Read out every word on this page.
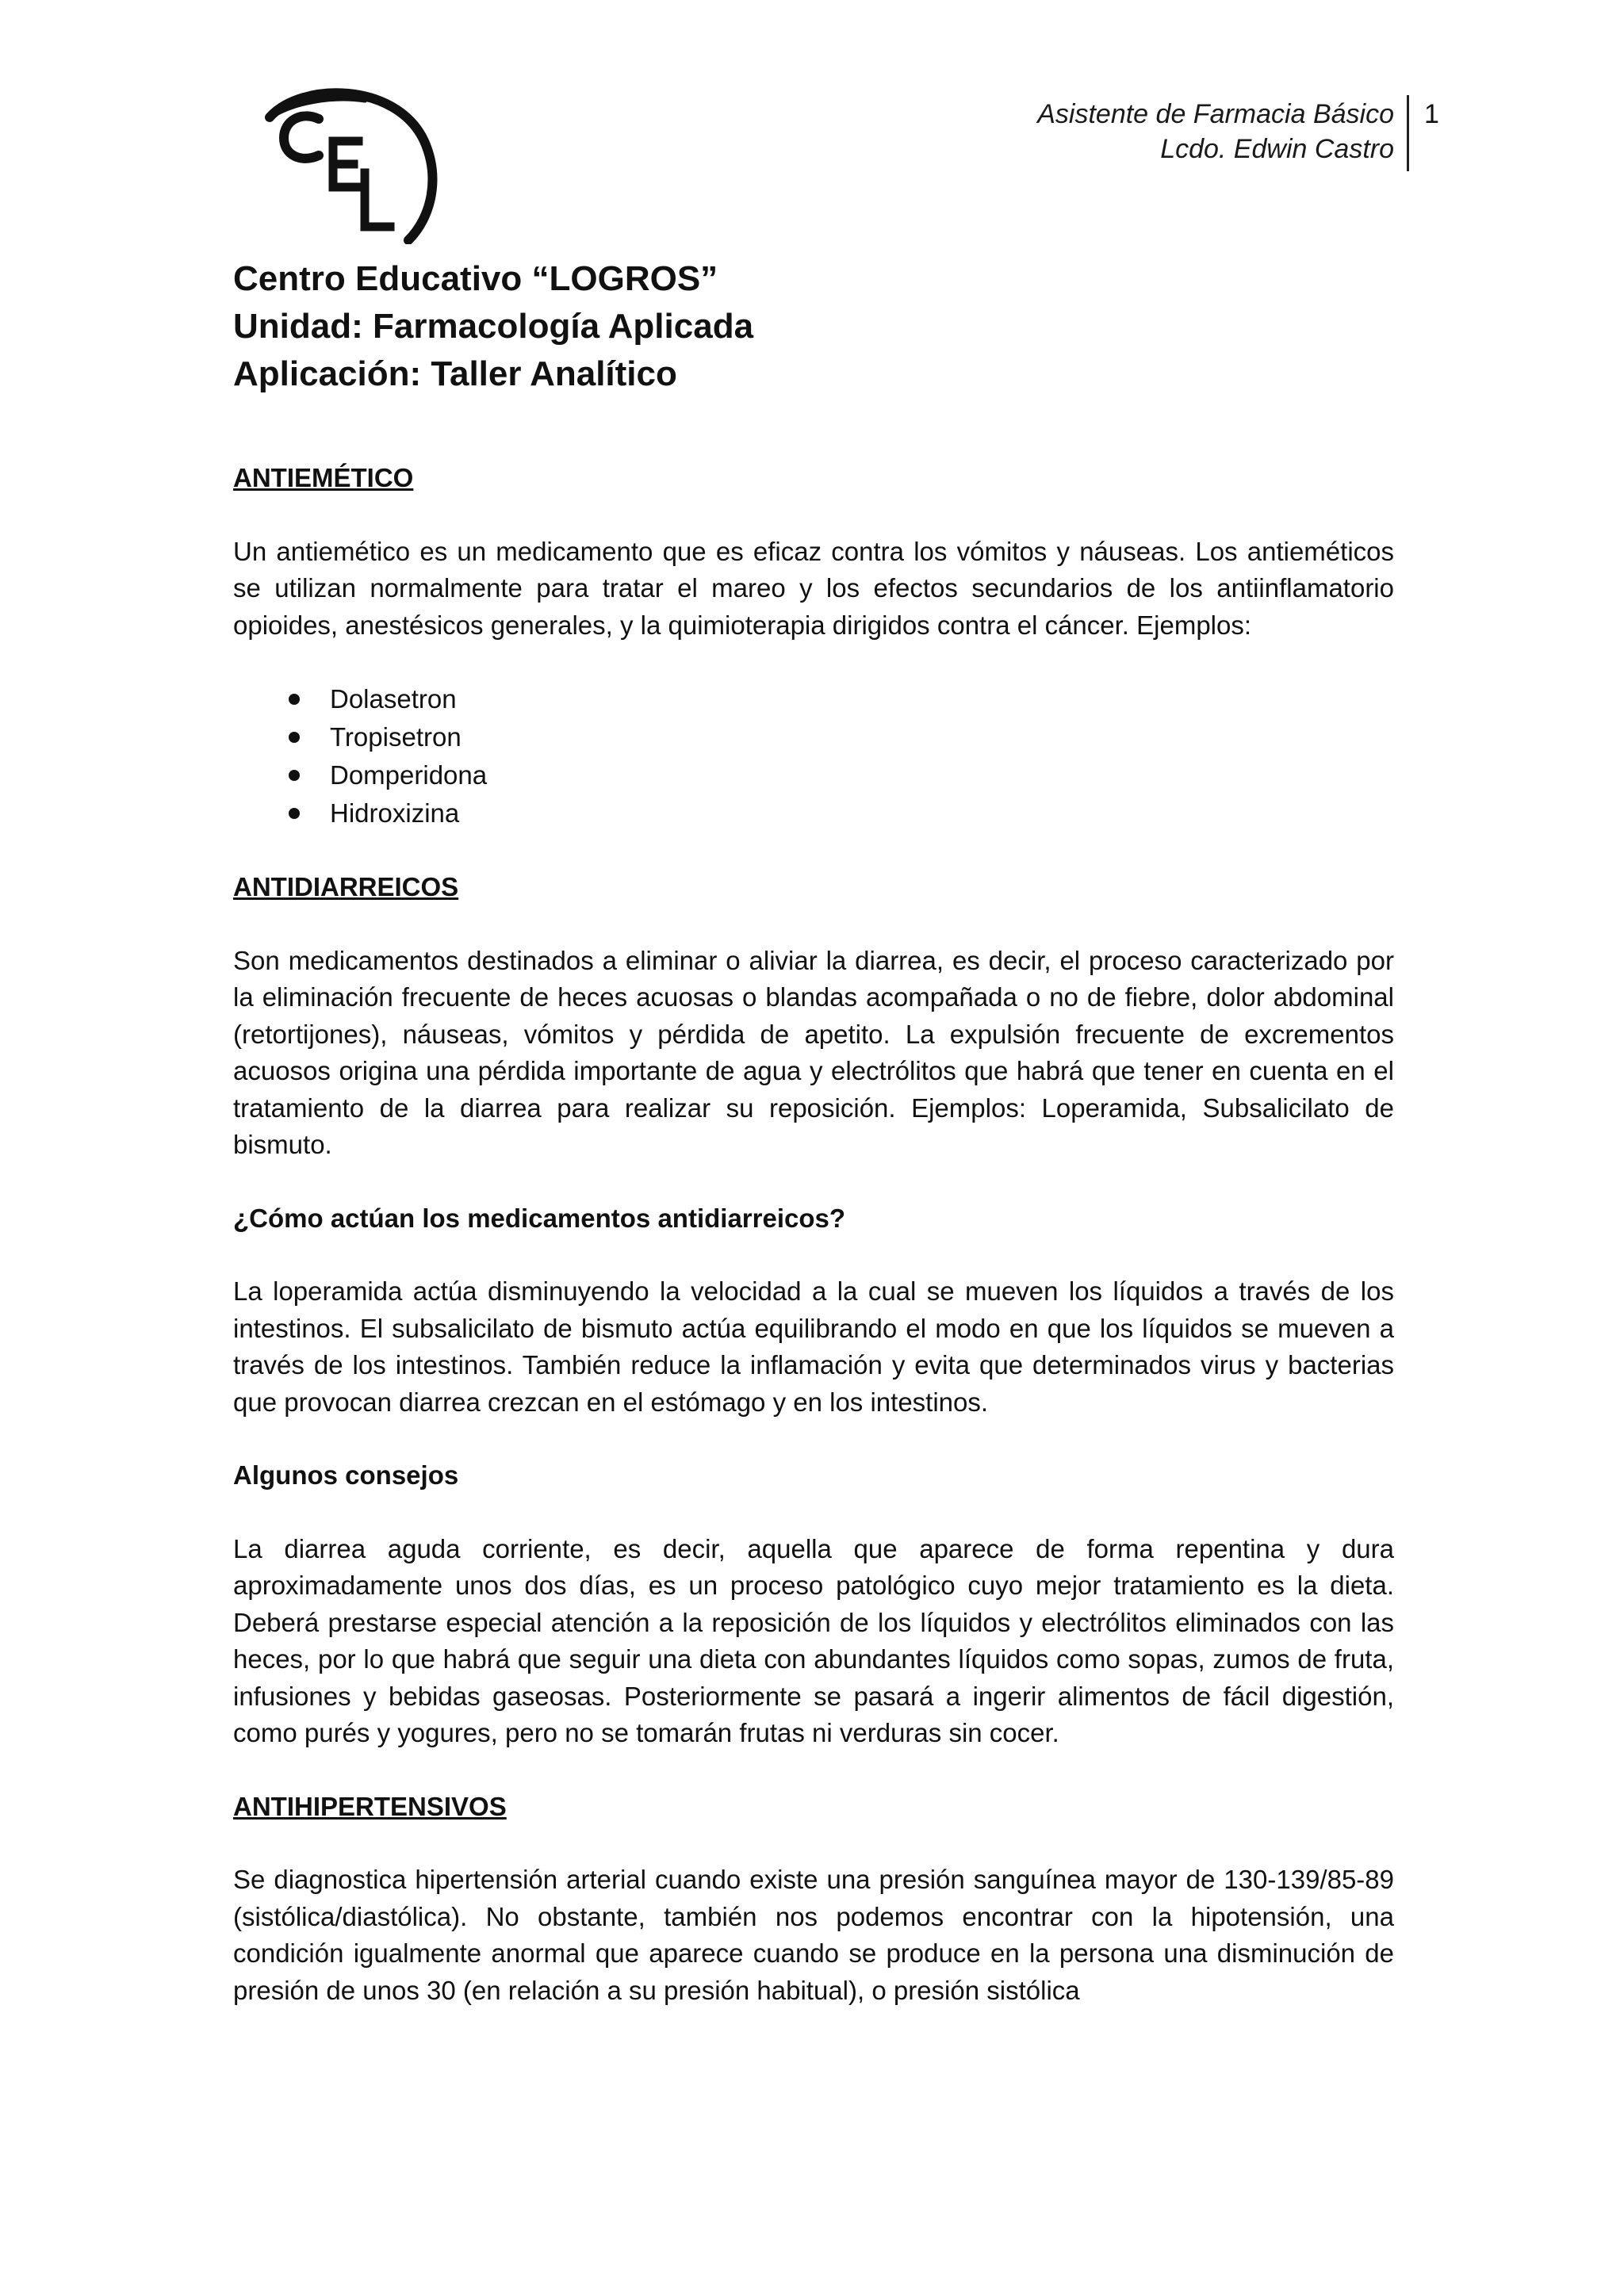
CEL
Asistente de Farmacia Básico
Lcdo. Edwin Castro
1
Centro Educativo “LOGROS”
Unidad: Farmacología Aplicada
Aplicación: Taller Analítico
ANTIEMÉTICO

Un antiemético es un medicamento que es eficaz contra los vómitos y náuseas. Los antieméticos se utilizan normalmente para tratar el mareo y los efectos secundarios de los antiinflamatorio opioides, anestésicos generales, y la quimioterapia dirigidos contra el cáncer. Ejemplos:

Dolasetron
Tropisetron
Domperidona
Hidroxizina
ANTIDIARREICOS

Son medicamentos destinados a eliminar o aliviar la diarrea, es decir, el proceso caracterizado por la eliminación frecuente de heces acuosas o blandas acompañada o no de fiebre, dolor abdominal (retortijones), náuseas, vómitos y pérdida de apetito. La expulsión frecuente de excrementos acuosos origina una pérdida importante de agua y electrólitos que habrá que tener en cuenta en el tratamiento de la diarrea para realizar su reposición. Ejemplos: Loperamida, Subsalicilato de bismuto.

¿Cómo actúan los medicamentos antidiarreicos?

La loperamida actúa disminuyendo la velocidad a la cual se mueven los líquidos a través de los intestinos. El subsalicilato de bismuto actúa equilibrando el modo en que los líquidos se mueven a través de los intestinos. También reduce la inflamación y evita que determinados virus y bacterias que provocan diarrea crezcan en el estómago y en los intestinos.

Algunos consejos

La diarrea aguda corriente, es decir, aquella que aparece de forma repentina y dura aproximadamente unos dos días, es un proceso patológico cuyo mejor tratamiento es la dieta. Deberá prestarse especial atención a la reposición de los líquidos y electrólitos eliminados con las heces, por lo que habrá que seguir una dieta con abundantes líquidos como sopas, zumos de fruta, infusiones y bebidas gaseosas. Posteriormente se pasará a ingerir alimentos de fácil digestión, como purés y yogures, pero no se tomarán frutas ni verduras sin cocer.

ANTIHIPERTENSIVOS

Se diagnostica hipertensión arterial cuando existe una presión sanguínea mayor de 130-139/85-89 (sistólica/diastólica). No obstante, también nos podemos encontrar con la hipotensión, una condición igualmente anormal que aparece cuando se produce en la persona una disminución de presión de unos 30 (en relación a su presión habitual), o presión sistólica
